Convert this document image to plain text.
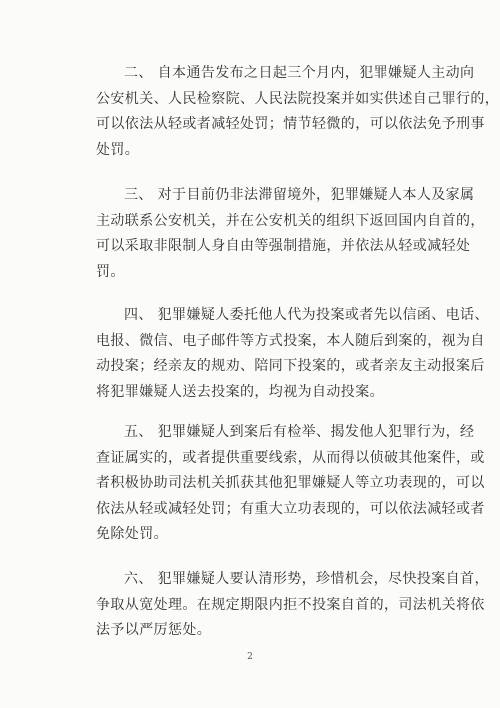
二、 自本通告发布之日起三个月内，犯罪嫌疑人主动向
公安机关、人民检察院、人民法院投案并如实供述自己罪行的，
可以依法从轻或者减轻处罚；情节轻微的，可以依法免予刑事
处罚。
三、 对于目前仍非法滞留境外，犯罪嫌疑人本人及家属
主动联系公安机关，并在公安机关的组织下返回国内自首的，
可以采取非限制人身自由等强制措施，并依法从轻或减轻处
罚。
四、 犯罪嫌疑人委托他人代为投案或者先以信函、电话、
电报、微信、电子邮件等方式投案，本人随后到案的，视为自
动投案；经亲友的规劝、陪同下投案的，或者亲友主动报案后
将犯罪嫌疑人送去投案的，均视为自动投案。
五、 犯罪嫌疑人到案后有检举、揭发他人犯罪行为，经
查证属实的，或者提供重要线索，从而得以侦破其他案件，或
者积极协助司法机关抓获其他犯罪嫌疑人等立功表现的，可以
依法从轻或减轻处罚；有重大立功表现的，可以依法减轻或者
免除处罚。
六、 犯罪嫌疑人要认清形势，珍惜机会，尽快投案自首，
争取从宽处理。在规定期限内拒不投案自首的，司法机关将依
法予以严厉惩处。
2
